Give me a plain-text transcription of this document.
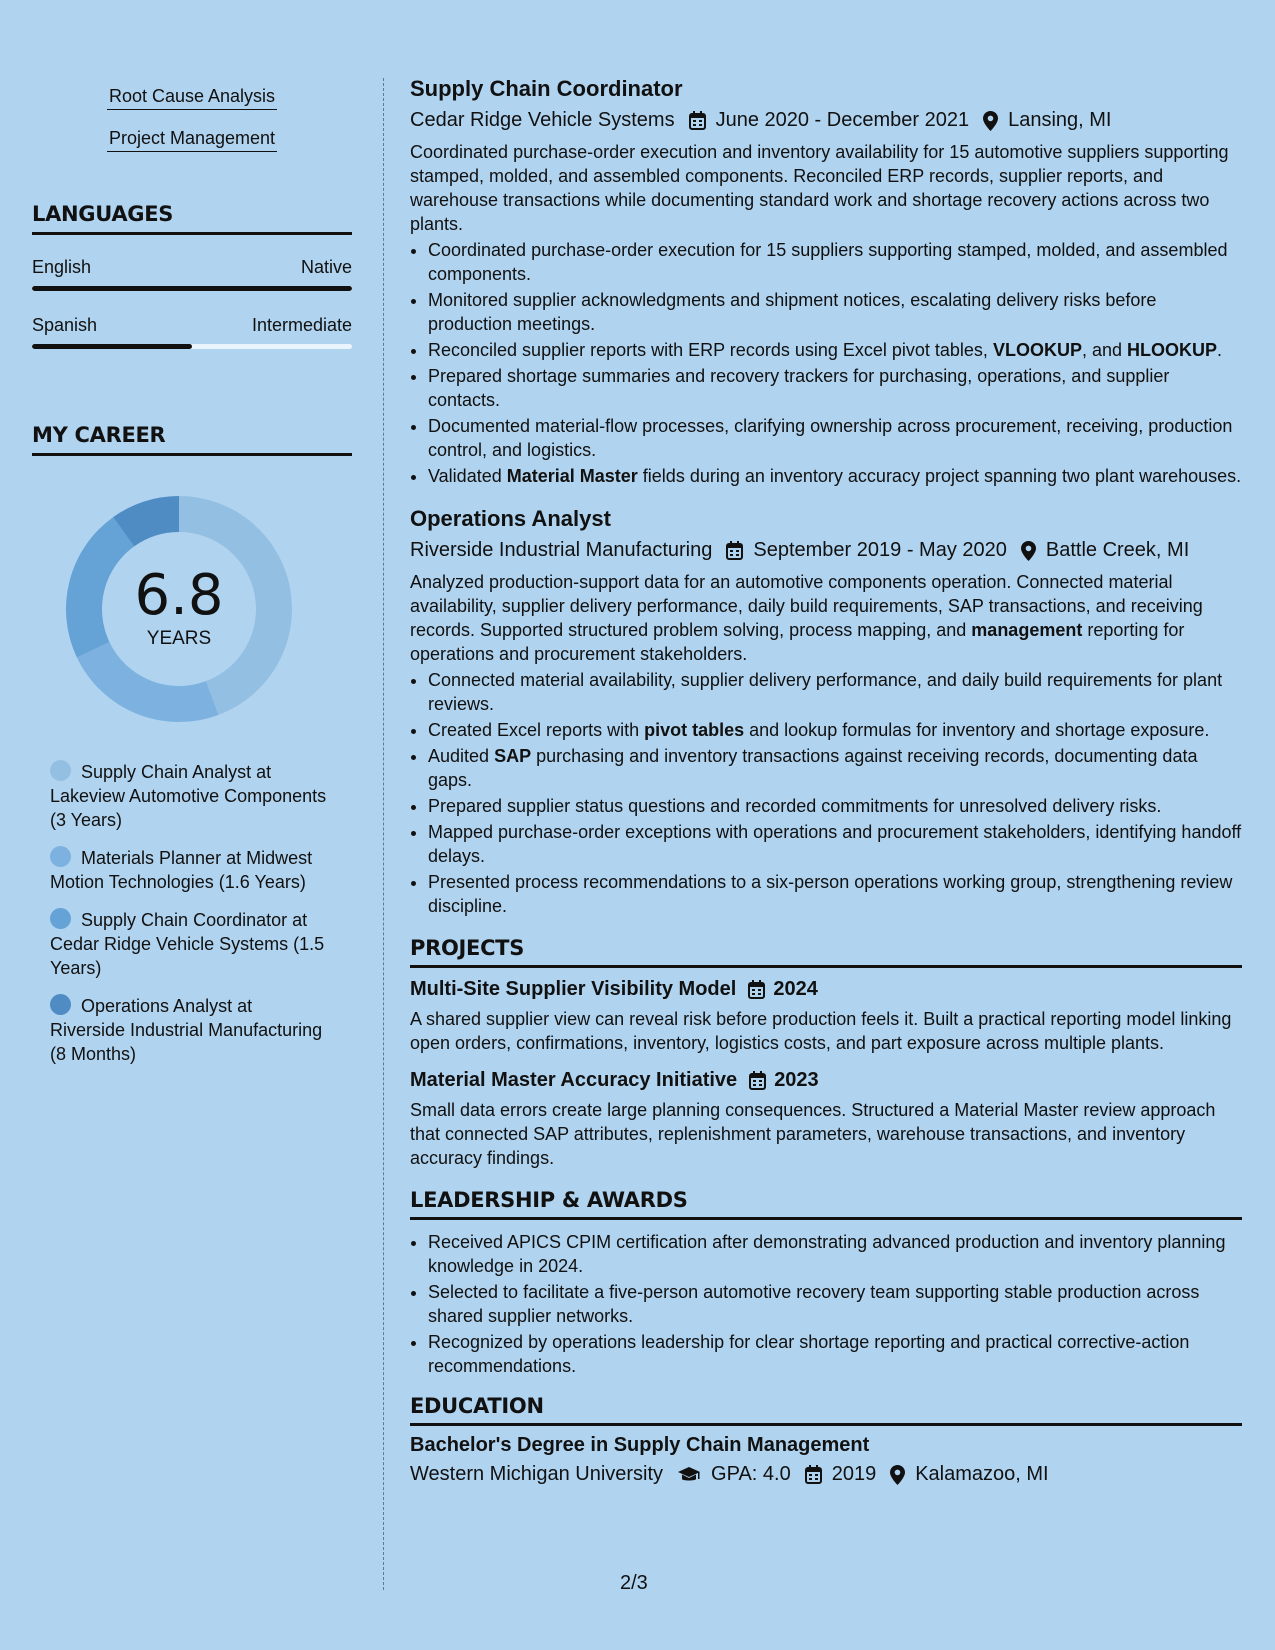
Root Cause Analysis
Project Management
LANGUAGES
English	Native
Spanish	Intermediate
MY CAREER
6.8
YEARS
Supply Chain Analyst at Lakeview Automotive Components (3 Years)
Materials Planner at Midwest Motion Technologies (1.6 Years)
Supply Chain Coordinator at Cedar Ridge Vehicle Systems (1.5 Years)
Operations Analyst at Riverside Industrial Manufacturing (8 Months)
Supply Chain Coordinator
Cedar Ridge Vehicle Systems June 2020 - December 2021 Lansing, MI
Coordinated purchase-order execution and inventory availability for 15 automotive suppliers supporting stamped, molded, and assembled components. Reconciled ERP records, supplier reports, and warehouse transactions while documenting standard work and shortage recovery actions across two plants.
• Coordinated purchase-order execution for 15 suppliers supporting stamped, molded, and assembled components.
• Monitored supplier acknowledgments and shipment notices, escalating delivery risks before production meetings.
• Reconciled supplier reports with ERP records using Excel pivot tables, VLOOKUP, and HLOOKUP.
• Prepared shortage summaries and recovery trackers for purchasing, operations, and supplier contacts.
• Documented material-flow processes, clarifying ownership across procurement, receiving, production control, and logistics.
• Validated Material Master fields during an inventory accuracy project spanning two plant warehouses.
Operations Analyst
Riverside Industrial Manufacturing September 2019 - May 2020 Battle Creek, MI
Analyzed production-support data for an automotive components operation. Connected material availability, supplier delivery performance, daily build requirements, SAP transactions, and receiving records. Supported structured problem solving, process mapping, and management reporting for operations and procurement stakeholders.
• Connected material availability, supplier delivery performance, and daily build requirements for plant reviews.
• Created Excel reports with pivot tables and lookup formulas for inventory and shortage exposure.
• Audited SAP purchasing and inventory transactions against receiving records, documenting data gaps.
• Prepared supplier status questions and recorded commitments for unresolved delivery risks.
• Mapped purchase-order exceptions with operations and procurement stakeholders, identifying handoff delays.
• Presented process recommendations to a six-person operations working group, strengthening review discipline.
PROJECTS
Multi-Site Supplier Visibility Model 2024
A shared supplier view can reveal risk before production feels it. Built a practical reporting model linking open orders, confirmations, inventory, logistics costs, and part exposure across multiple plants.
Material Master Accuracy Initiative 2023
Small data errors create large planning consequences. Structured a Material Master review approach that connected SAP attributes, replenishment parameters, warehouse transactions, and inventory accuracy findings.
LEADERSHIP & AWARDS
• Received APICS CPIM certification after demonstrating advanced production and inventory planning knowledge in 2024.
• Selected to facilitate a five-person automotive recovery team supporting stable production across shared supplier networks.
• Recognized by operations leadership for clear shortage reporting and practical corrective-action recommendations.
EDUCATION
Bachelor's Degree in Supply Chain Management
Western Michigan University GPA: 4.0 2019 Kalamazoo, MI
2/3
